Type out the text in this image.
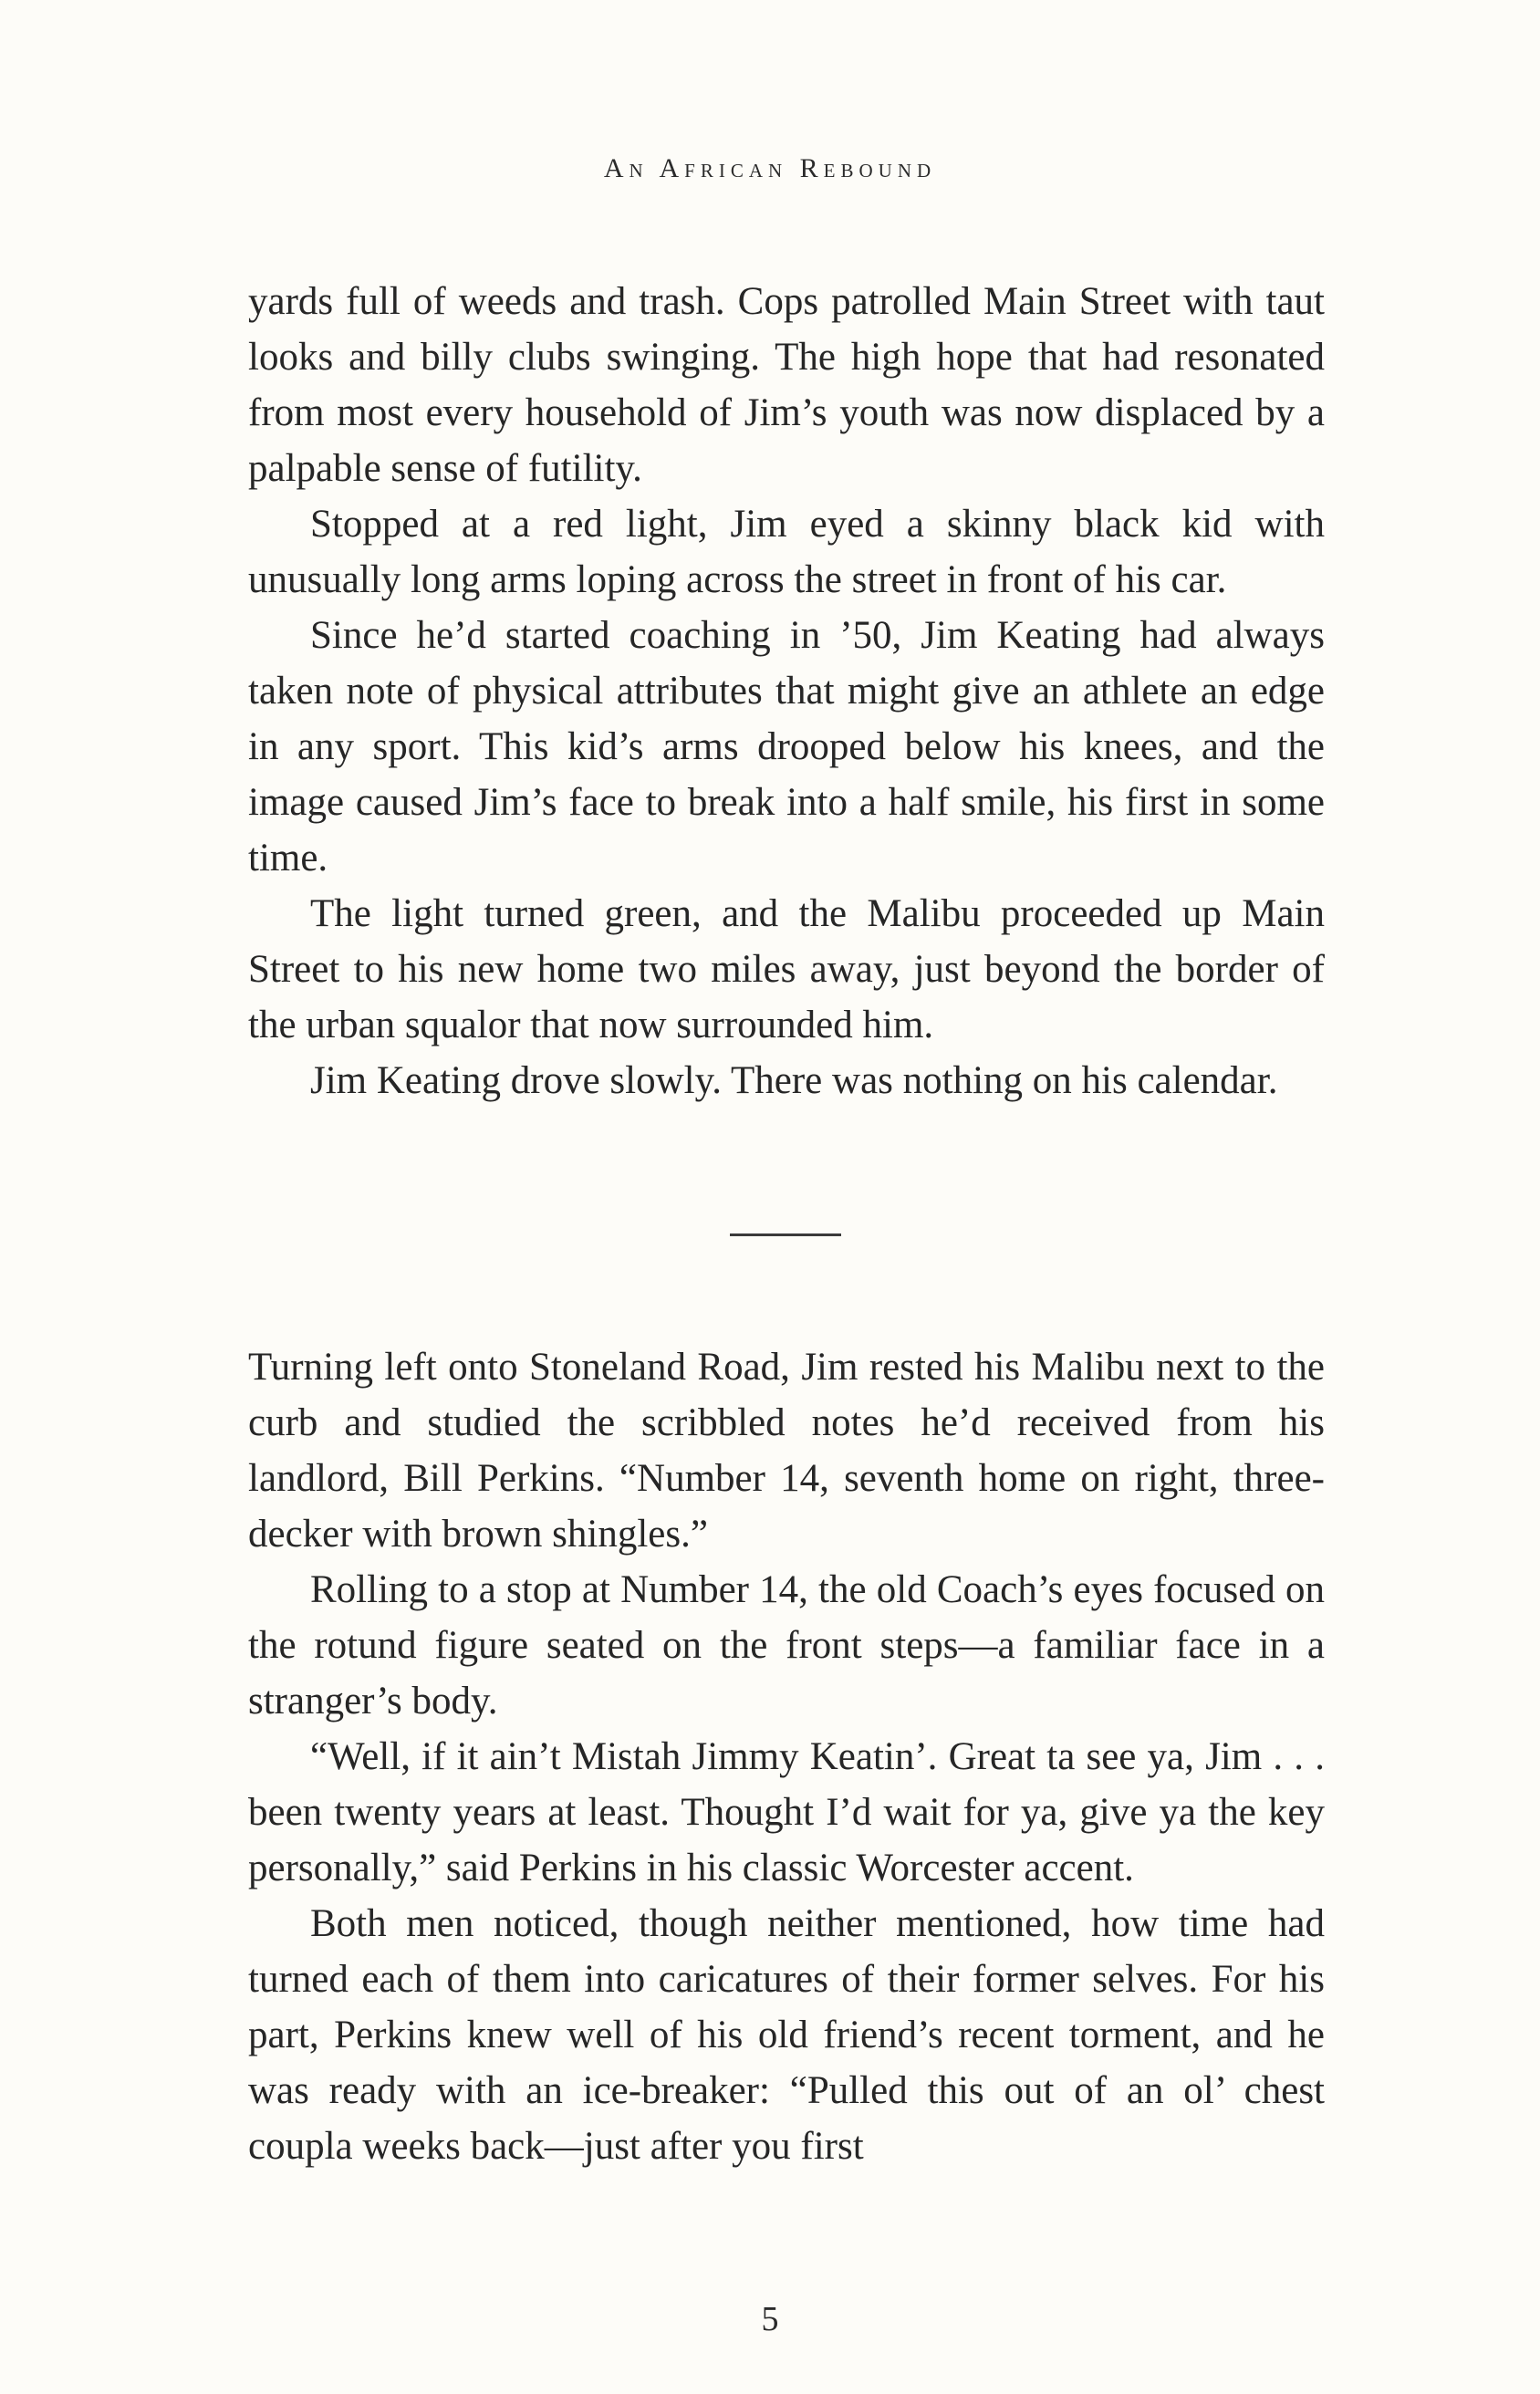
An African Rebound

yards full of weeds and trash. Cops patrolled Main Street with taut looks and billy clubs swinging. The high hope that had resonated from most every household of Jim’s youth was now displaced by a palpable sense of futility.

Stopped at a red light, Jim eyed a skinny black kid with unusually long arms loping across the street in front of his car.

Since he’d started coaching in ’50, Jim Keating had always taken note of physical attributes that might give an athlete an edge in any sport. This kid’s arms drooped below his knees, and the image caused Jim’s face to break into a half smile, his first in some time.

The light turned green, and the Malibu proceeded up Main Street to his new home two miles away, just beyond the border of the urban squalor that now surrounded him.

Jim Keating drove slowly. There was nothing on his calendar.

Turning left onto Stoneland Road, Jim rested his Malibu next to the curb and studied the scribbled notes he’d received from his landlord, Bill Perkins. “Number 14, seventh home on right, three-decker with brown shingles.”

Rolling to a stop at Number 14, the old Coach’s eyes focused on the rotund figure seated on the front steps—a familiar face in a stranger’s body.

“Well, if it ain’t Mistah Jimmy Keatin’. Great ta see ya, Jim . . . been twenty years at least. Thought I’d wait for ya, give ya the key personally,” said Perkins in his classic Worcester accent.

Both men noticed, though neither mentioned, how time had turned each of them into caricatures of their former selves. For his part, Perkins knew well of his old friend’s recent torment, and he was ready with an ice-breaker: “Pulled this out of an ol’ chest coupla weeks back—just after you first

5
